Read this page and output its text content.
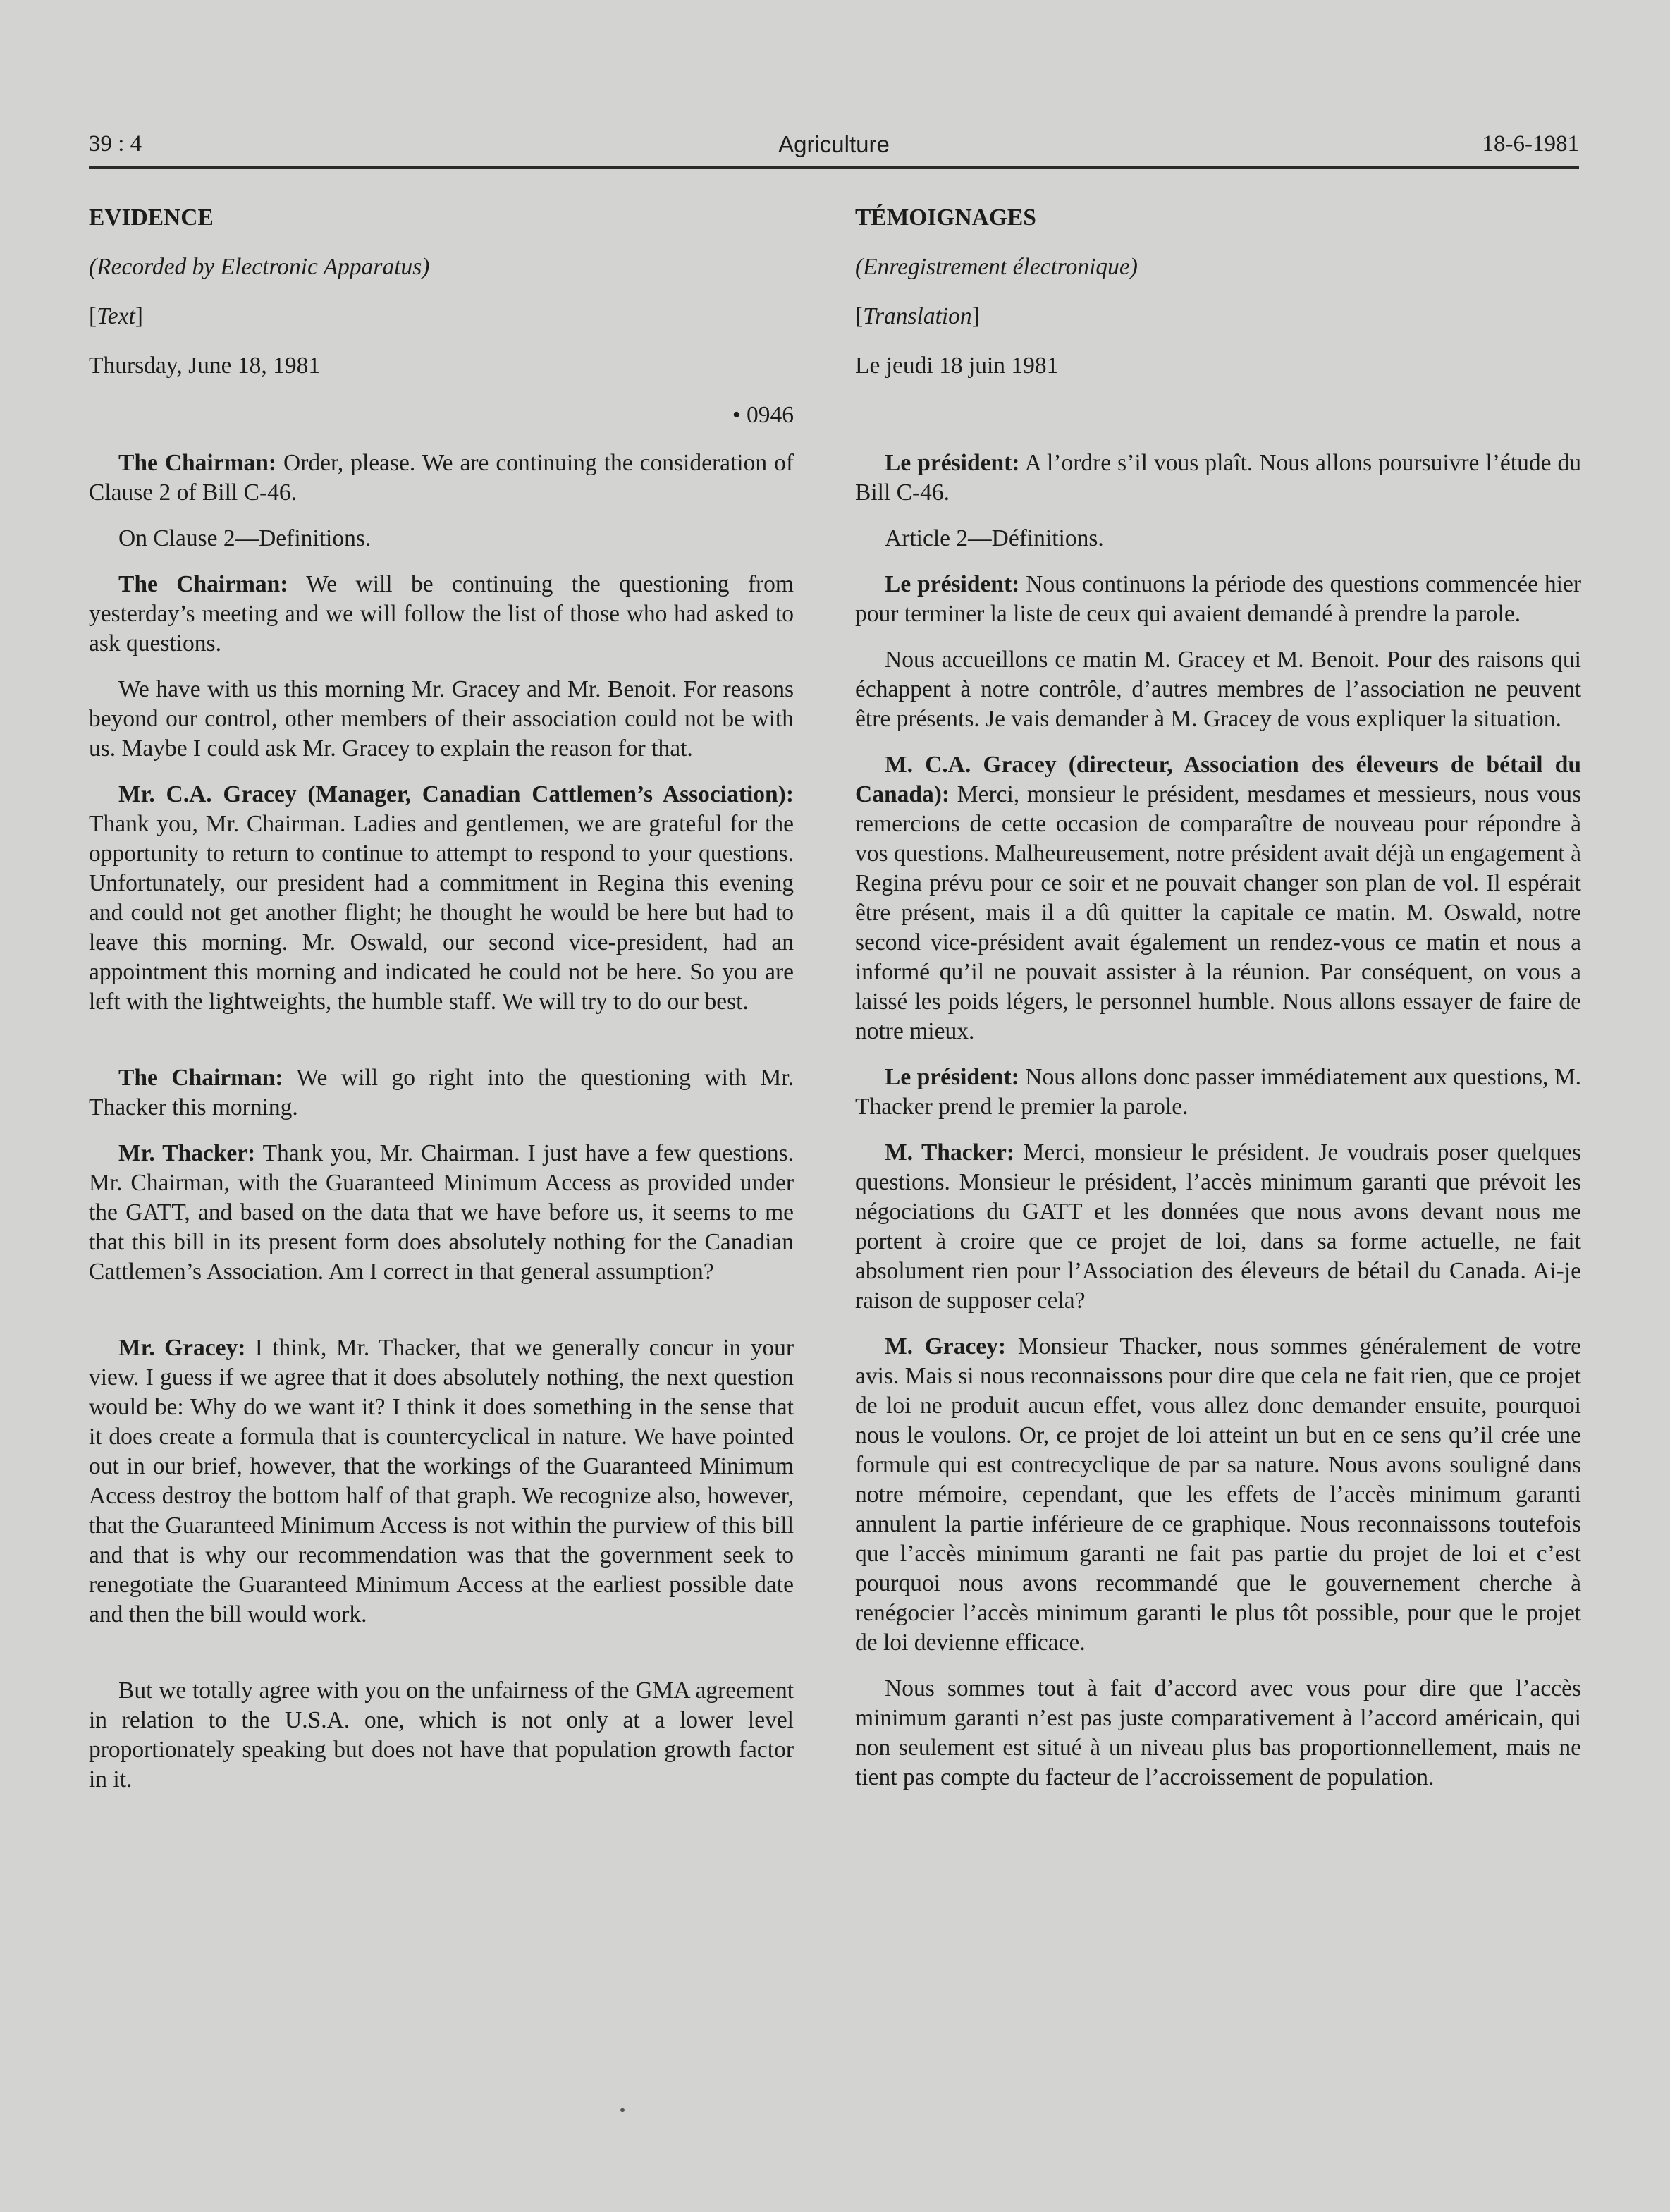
39 : 4	Agriculture	18-6-1981
EVIDENCE
(Recorded by Electronic Apparatus)
[Text]
Thursday, June 18, 1981
• 0946

The Chairman: Order, please. We are continuing the consideration of Clause 2 of Bill C-46.

On Clause 2—Definitions.

The Chairman: We will be continuing the questioning from yesterday’s meeting and we will follow the list of those who had asked to ask questions.

We have with us this morning Mr. Gracey and Mr. Benoit. For reasons beyond our control, other members of their association could not be with us. Maybe I could ask Mr. Gracey to explain the reason for that.

Mr. C.A. Gracey (Manager, Canadian Cattlemen’s Association): Thank you, Mr. Chairman. Ladies and gentlemen, we are grateful for the opportunity to return to continue to attempt to respond to your questions. Unfortunately, our president had a commitment in Regina this evening and could not get another flight; he thought he would be here but had to leave this morning. Mr. Oswald, our second vice-president, had an appointment this morning and indicated he could not be here. So you are left with the lightweights, the humble staff. We will try to do our best.

The Chairman: We will go right into the questioning with Mr. Thacker this morning.

Mr. Thacker: Thank you, Mr. Chairman. I just have a few questions. Mr. Chairman, with the Guaranteed Minimum Access as provided under the GATT, and based on the data that we have before us, it seems to me that this bill in its present form does absolutely nothing for the Canadian Cattlemen’s Association. Am I correct in that general assumption?

Mr. Gracey: I think, Mr. Thacker, that we generally concur in your view. I guess if we agree that it does absolutely nothing, the next question would be: Why do we want it? I think it does something in the sense that it does create a formula that is countercyclical in nature. We have pointed out in our brief, however, that the workings of the Guaranteed Minimum Access destroy the bottom half of that graph. We recognize also, however, that the Guaranteed Minimum Access is not within the purview of this bill and that is why our recommendation was that the government seek to renegotiate the Guaranteed Minimum Access at the earliest possible date and then the bill would work.

But we totally agree with you on the unfairness of the GMA agreement in relation to the U.S.A. one, which is not only at a lower level proportionately speaking but does not have that population growth factor in it.

TÉMOIGNAGES
(Enregistrement électronique)
[Translation]
Le jeudi 18 juin 1981

Le président: A l’ordre s’il vous plaît. Nous allons poursuivre l’étude du Bill C-46.

Article 2—Définitions.

Le président: Nous continuons la période des questions commencée hier pour terminer la liste de ceux qui avaient demandé à prendre la parole.

Nous accueillons ce matin M. Gracey et M. Benoit. Pour des raisons qui échappent à notre contrôle, d’autres membres de l’association ne peuvent être présents. Je vais demander à M. Gracey de vous expliquer la situation.

M. C.A. Gracey (directeur, Association des éleveurs de bétail du Canada): Merci, monsieur le président, mesdames et messieurs, nous vous remercions de cette occasion de comparaître de nouveau pour répondre à vos questions. Malheureusement, notre président avait déjà un engagement à Regina prévu pour ce soir et ne pouvait changer son plan de vol. Il espérait être présent, mais il a dû quitter la capitale ce matin. M. Oswald, notre second vice-président avait également un rendez-vous ce matin et nous a informé qu’il ne pouvait assister à la réunion. Par conséquent, on vous a laissé les poids légers, le personnel humble. Nous allons essayer de faire de notre mieux.

Le président: Nous allons donc passer immédiatement aux questions, M. Thacker prend le premier la parole.

M. Thacker: Merci, monsieur le président. Je voudrais poser quelques questions. Monsieur le président, l’accès minimum garanti que prévoit les négociations du GATT et les données que nous avons devant nous me portent à croire que ce projet de loi, dans sa forme actuelle, ne fait absolument rien pour l’Association des éleveurs de bétail du Canada. Ai-je raison de supposer cela?

M. Gracey: Monsieur Thacker, nous sommes généralement de votre avis. Mais si nous reconnaissons pour dire que cela ne fait rien, que ce projet de loi ne produit aucun effet, vous allez donc demander ensuite, pourquoi nous le voulons. Or, ce projet de loi atteint un but en ce sens qu’il crée une formule qui est contrecyclique de par sa nature. Nous avons souligné dans notre mémoire, cependant, que les effets de l’accès minimum garanti annulent la partie inférieure de ce graphique. Nous reconnaissons toutefois que l’accès minimum garanti ne fait pas partie du projet de loi et c’est pourquoi nous avons recommandé que le gouvernement cherche à renégocier l’accès minimum garanti le plus tôt possible, pour que le projet de loi devienne efficace.

Nous sommes tout à fait d’accord avec vous pour dire que l’accès minimum garanti n’est pas juste comparativement à l’accord américain, qui non seulement est situé à un niveau plus bas proportionnellement, mais ne tient pas compte du facteur de l’accroissement de population.
